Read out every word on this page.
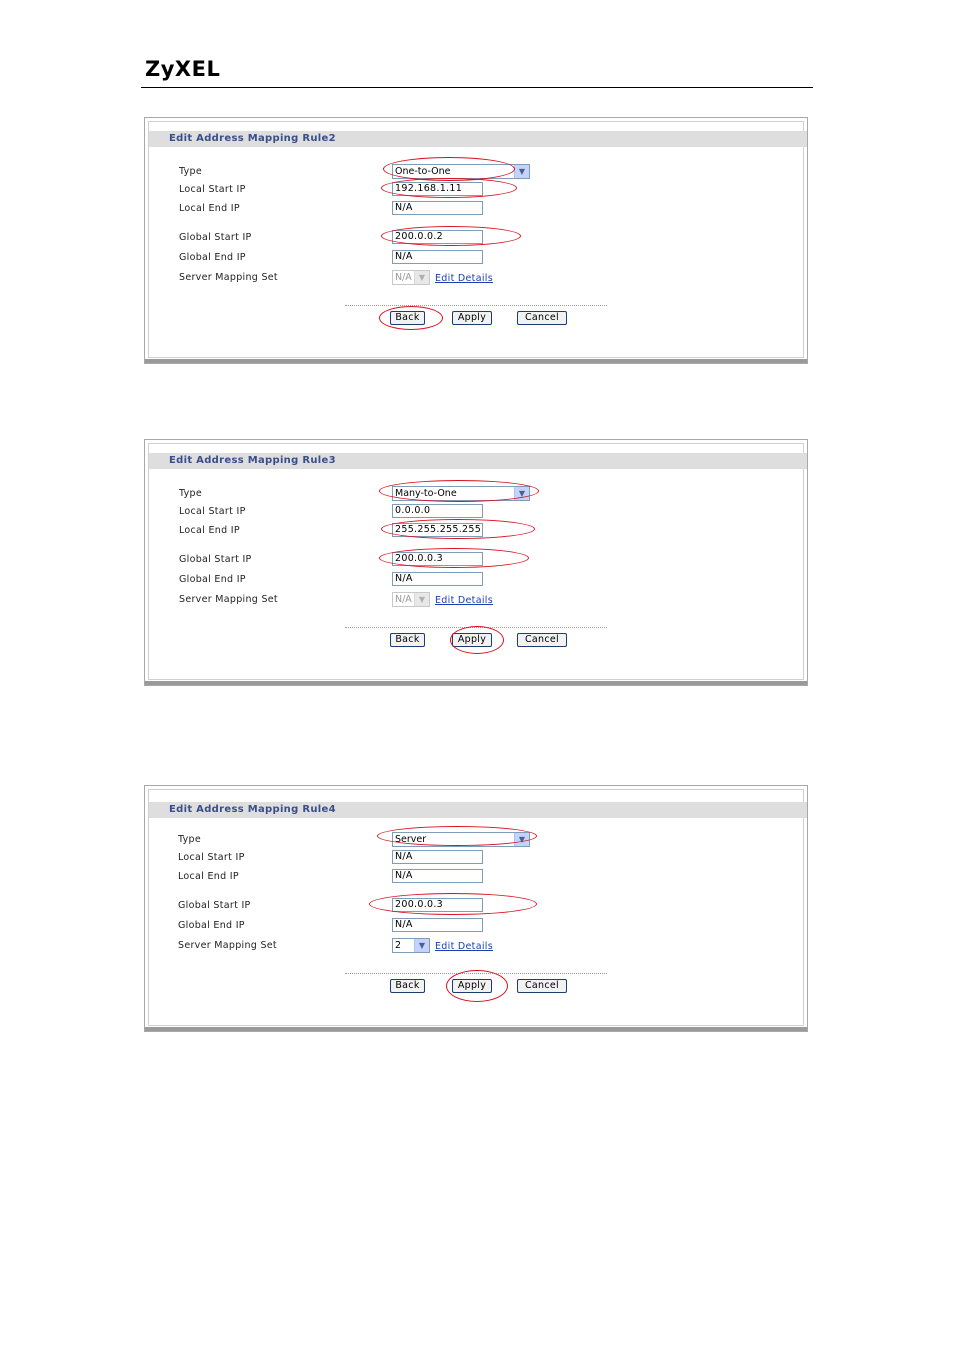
ZyXEL
Edit Address Mapping Rule2
Type	One-to-One	▼
Local Start IP	192.168.1.11
Local End IP	N/A
Global Start IP	200.0.0.2
Global End IP	N/A
Server Mapping Set	N/A ▼	Edit Details
Back	Apply	Cancel
Edit Address Mapping Rule3
Type	Many-to-One	▼
Local Start IP	0.0.0.0
Local End IP	255.255.255.255
Global Start IP	200.0.0.3
Global End IP	N/A
Server Mapping Set	N/A ▼	Edit Details
Back	Apply	Cancel
Edit Address Mapping Rule4
Type	Server	▼
Local Start IP	N/A
Local End IP	N/A
Global Start IP	200.0.0.3
Global End IP	N/A
Server Mapping Set	2	▼	Edit Details
Back	Apply	Cancel
